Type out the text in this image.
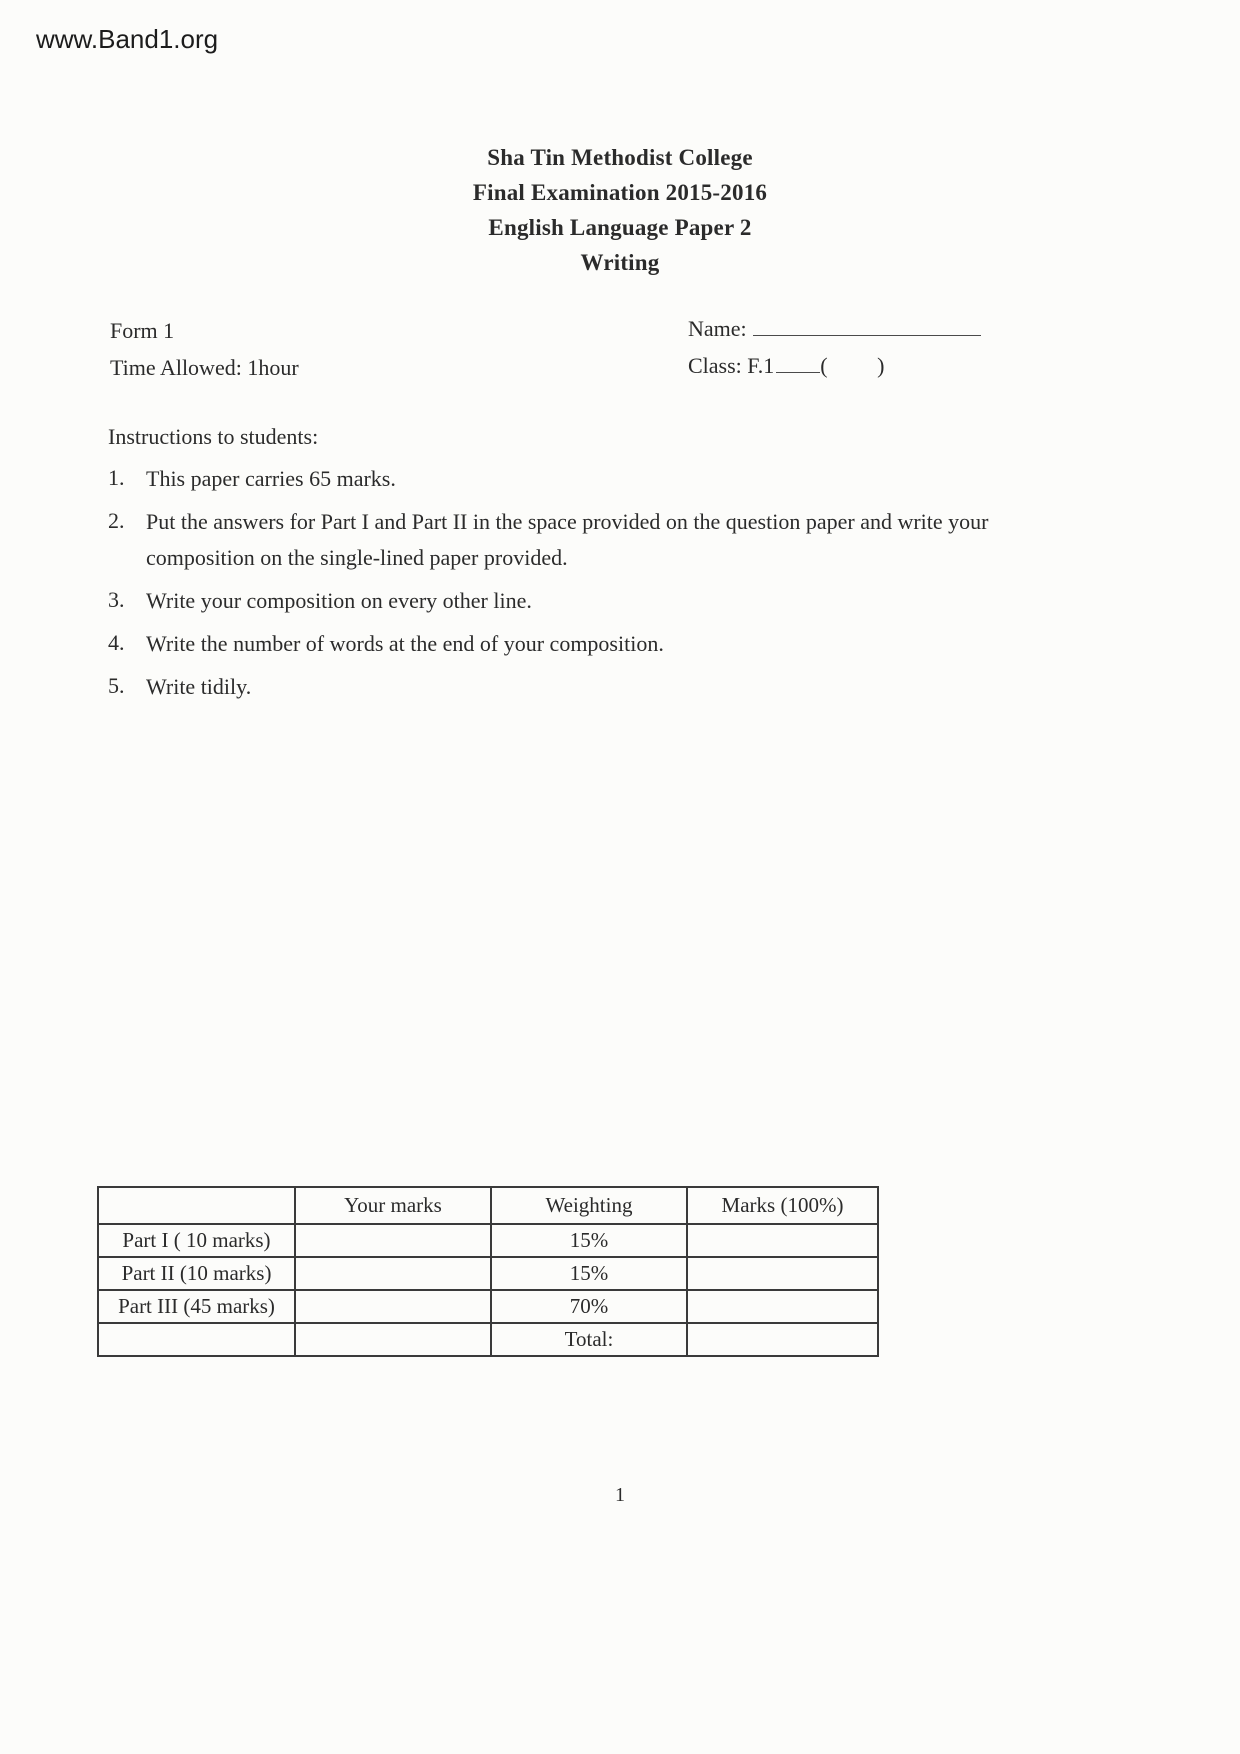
www.Band1.org
Sha Tin Methodist College
Final Examination 2015-2016
English Language Paper 2
Writing
Form 1
Time Allowed: 1hour
Name:
Class: F.1 (         )
Instructions to students:
1. This paper carries 65 marks.
2. Put the answers for Part I and Part II in the space provided on the question paper and write your composition on the single-lined paper provided.
3. Write your composition on every other line.
4. Write the number of words at the end of your composition.
5. Write tidily.
	Your marks	Weighting	Marks (100%)
Part I ( 10 marks)		15%	
Part II (10 marks)		15%	
Part III (45 marks)		70%	
		Total:	
1
